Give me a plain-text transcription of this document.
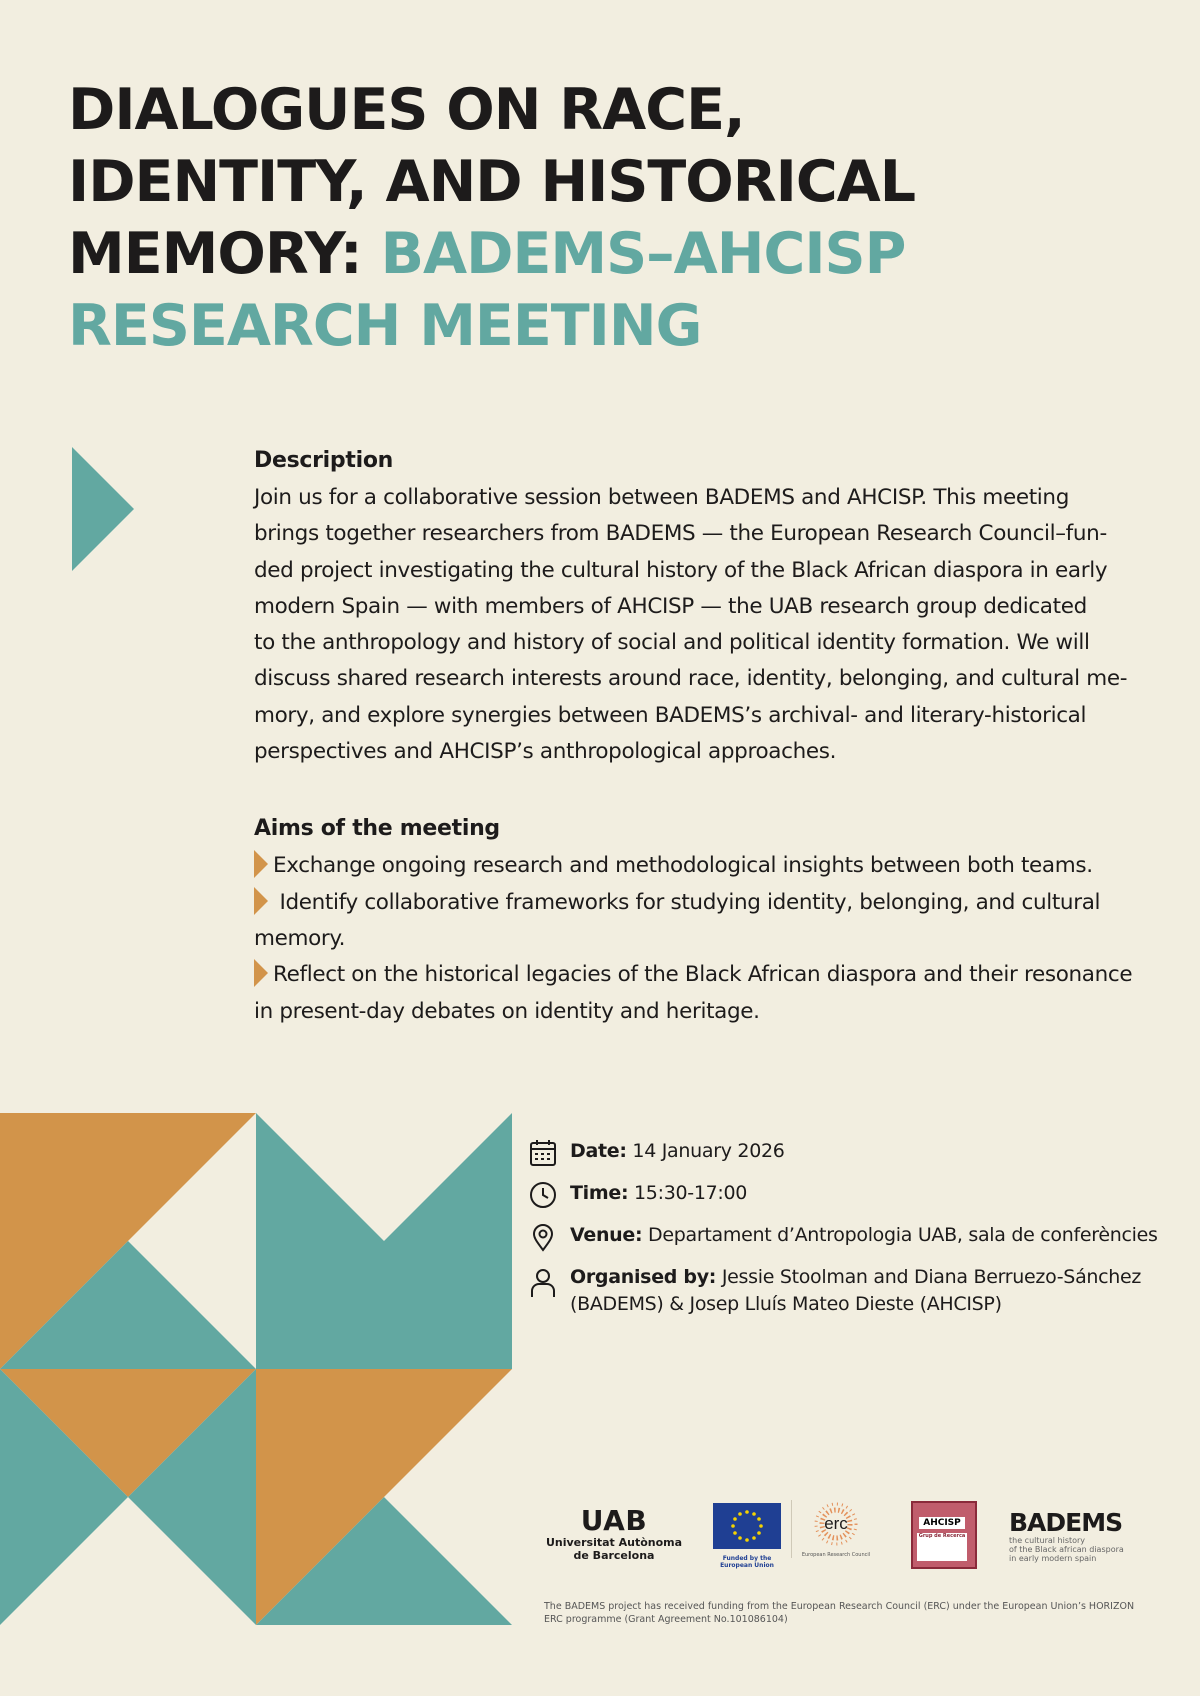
DIALOGUES ON RACE,
IDENTITY, AND HISTORICAL
MEMORY: BADEMS–AHCISP
RESEARCH MEETING
Description

Join us for a collaborative session between BADEMS and AHCISP. This meeting
brings together researchers from BADEMS — the European Research Council–fun-
ded project investigating the cultural history of the Black African diaspora in early
modern Spain — with members of AHCISP — the UAB research group dedicated
to the anthropology and history of social and political identity formation. We will
discuss shared research interests around race, identity, belonging, and cultural me-
mory, and explore synergies between BADEMS’s archival- and literary-historical
perspectives and AHCISP’s anthropological approaches.

Aims of the meeting

Exchange ongoing research and methodological insights between both teams.
Identify collaborative frameworks for studying identity, belonging, and cultural
memory.
Reflect on the historical legacies of the Black African diaspora and their resonance
in present-day debates on identity and heritage.

Date: 14 January 2026
Time: 15:30-17:00
Venue: Departament d’Antropologia UAB, sala de conferències
Organised by: Jessie Stoolman and Diana Berruezo-Sánchez
(BADEMS) & Josep Lluís Mateo Dieste (AHCISP)
UAB
Universitat Autònoma
de Barcelona	Funded by the European Union
erc
European Research Council
AHCISP
Grup de Recerca BADEMS
the cultural history
of the Black african diaspora
in early modern spain
The BADEMS project has received funding from the European Research Council (ERC) under the European Union’s HORIZON ERC programme (Grant Agreement No.101086104)
